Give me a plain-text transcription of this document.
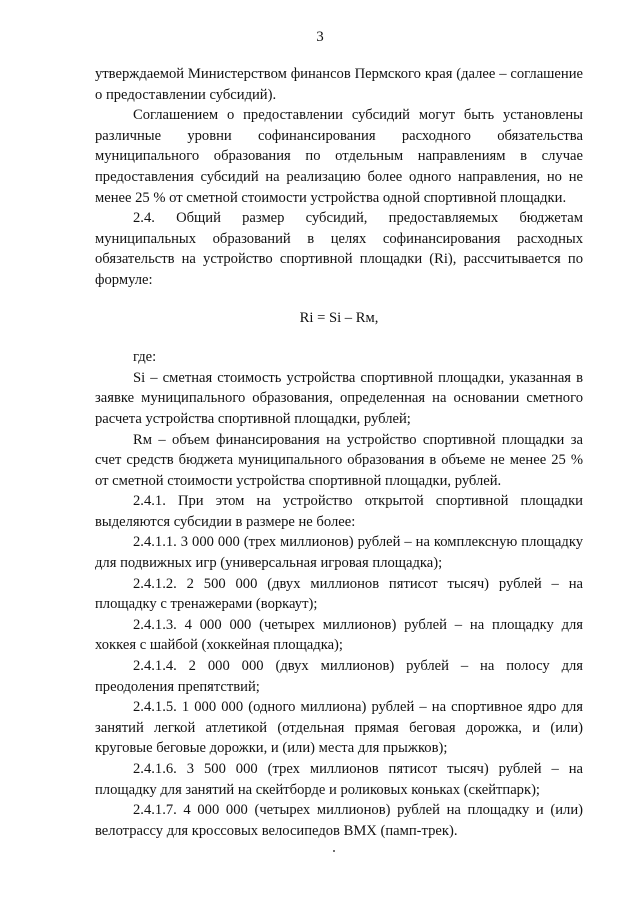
3

утверждаемой Министерством финансов Пермского края (далее – соглашение о предоставлении субсидий).

Соглашением о предоставлении субсидий могут быть установлены различные уровни софинансирования расходного обязательства муниципального образования по отдельным направлениям в случае предоставления субсидий на реализацию более одного направления, но не менее 25 % от сметной стоимости устройства одной спортивной площадки.

2.4. Общий размер субсидий, предоставляемых бюджетам муниципальных образований в целях софинансирования расходных обязательств на устройство спортивной площадки (Ri), рассчитывается по формуле:

Ri = Si – Rм,

где:

Si – сметная стоимость устройства спортивной площадки, указанная в заявке муниципального образования, определенная на основании сметного расчета устройства спортивной площадки, рублей;

Rм – объем финансирования на устройство спортивной площадки за счет средств бюджета муниципального образования в объеме не менее 25 % от сметной стоимости устройства спортивной площадки, рублей.

2.4.1. При этом на устройство открытой спортивной площадки выделяются субсидии в размере не более:

2.4.1.1. 3 000 000 (трех миллионов) рублей – на комплексную площадку для подвижных игр (универсальная игровая площадка);

2.4.1.2. 2 500 000 (двух миллионов пятисот тысяч) рублей – на площадку с тренажерами (воркаут);

2.4.1.3. 4 000 000 (четырех миллионов) рублей – на площадку для хоккея с шайбой (хоккейная площадка);

2.4.1.4. 2 000 000 (двух миллионов) рублей – на полосу для преодоления препятствий;

2.4.1.5. 1 000 000 (одного миллиона) рублей – на спортивное ядро для занятий легкой атлетикой (отдельная прямая беговая дорожка, и (или) круговые беговые дорожки, и (или) места для прыжков);

2.4.1.6. 3 500 000 (трех миллионов пятисот тысяч) рублей – на площадку для занятий на скейтборде и роликовых коньках (скейтпарк);

2.4.1.7. 4 000 000 (четырех миллионов) рублей на площадку и (или) велотрассу для кроссовых велосипедов BMX (памп-трек).
